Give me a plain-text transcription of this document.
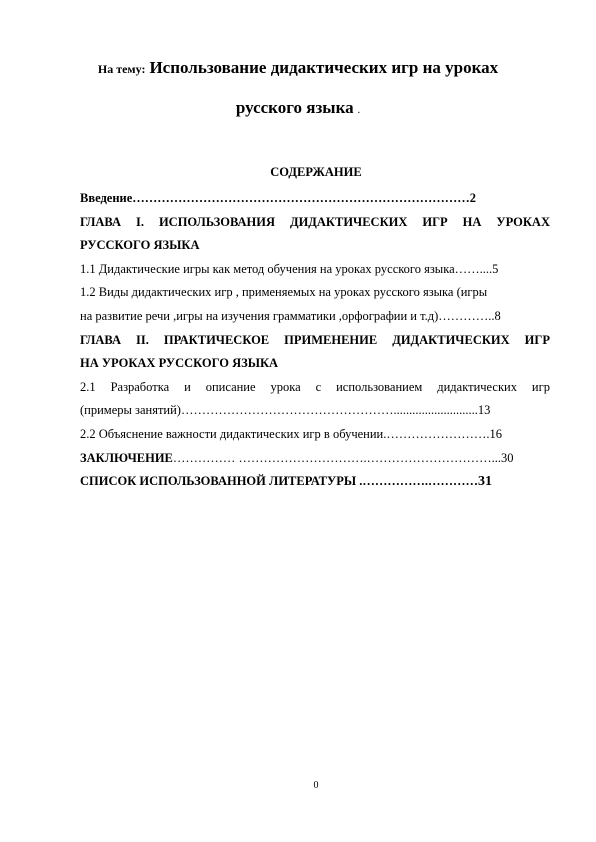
На тему: Использование дидактических игр на уроках
русского языка .
СОДЕРЖАНИЕ
Введение………………………………………………………………………2
ГЛАВА I. ИСПОЛЬЗОВАНИЯ ДИДАКТИЧЕСКИХ ИГР НА УРОКАХ
РУССКОГО ЯЗЫКА
1.1 Дидактические игры как метод обучения на уроках русского языка……....5
1.2 Виды дидактических игр , применяемых на уроках русского языка (игры
на развитие речи ,игры на изучения грамматики ,орфографии и т.д)…………..8
ГЛАВА II. ПРАКТИЧЕСКОЕ ПРИМЕНЕНИЕ ДИДАКТИЧЕСКИХ ИГР
НА УРОКАХ РУССКОГО ЯЗЫКА
2.1 Разработка и описание урока с использованием дидактических игр
(примеры занятий)……………………………………………...........................13
2.2 Объяснение важности дидактических игр в обучении.…………………….16
ЗАКЛЮЧЕНИЕ…………… ………………………….…………………………...30
СПИСОК ИСПОЛЬЗОВАННОЙ ЛИТЕРАТУРЫ .…………….…………31
0
